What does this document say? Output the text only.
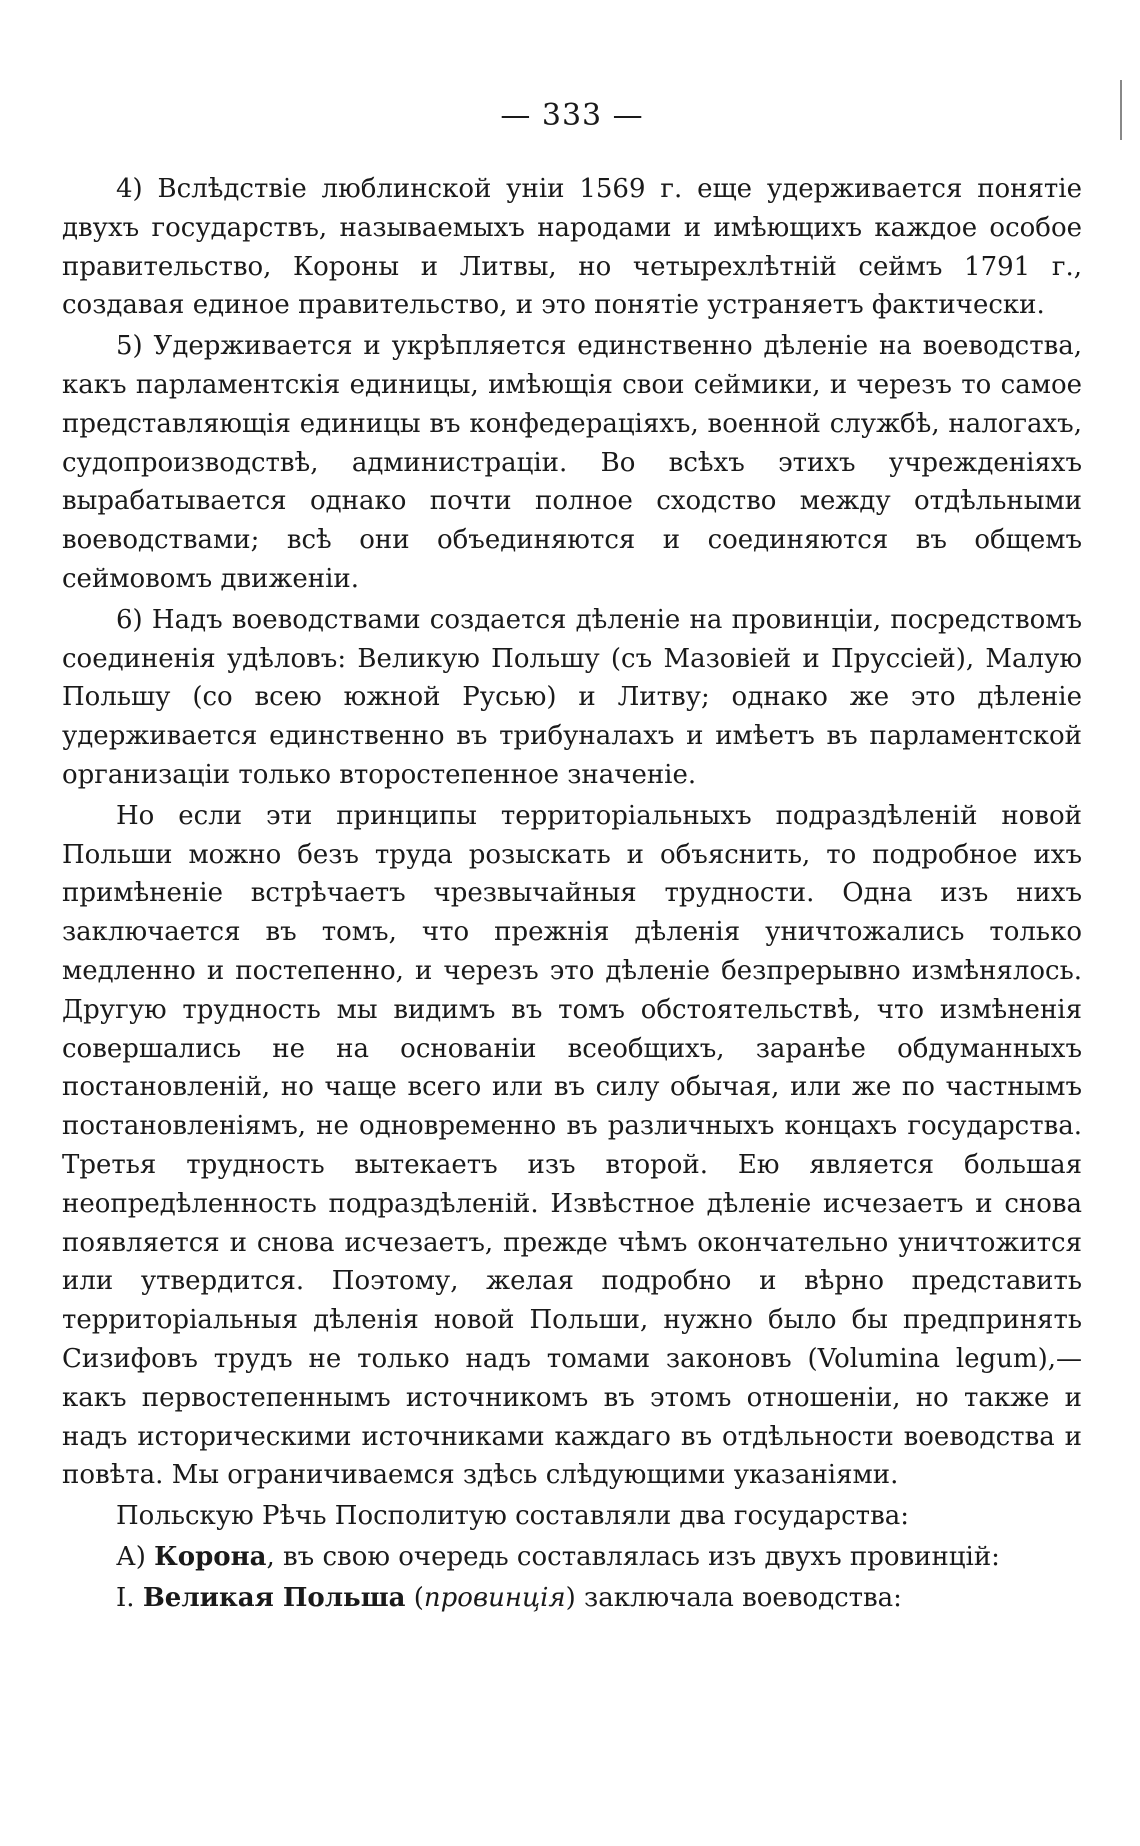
— 333 —

4) Вслѣдствіе люблинской уніи 1569 г. еще удерживается понятіе двухъ государствъ, называемыхъ народами и имѣющихъ каждое особое правительство, Короны и Литвы, но четырехлѣтній сеймъ 1791 г., создавая единое правительство, и это понятіе устраняетъ фактически.

5) Удерживается и укрѣпляется единственно дѣленіе на воеводства, какъ парламентскія единицы, имѣющія свои сеймики, и черезъ то самое представляющія единицы въ конфедераціяхъ, военной службѣ, налогахъ, судопроизводствѣ, администраціи. Во всѣхъ этихъ учрежденіяхъ вырабатывается однако почти полное сходство между отдѣльными воеводствами; всѣ они объединяются и соединяются въ общемъ сеймовомъ движеніи.

6) Надъ воеводствами создается дѣленіе на провинціи, посредствомъ соединенія удѣловъ: Великую Польшу (съ Мазовіей и Пруссіей), Малую Польшу (со всею южной Русью) и Литву; однако же это дѣленіе удерживается единственно въ трибуналахъ и имѣетъ въ парламентской организаціи только второстепенное значеніе.

Но если эти принципы территоріальныхъ подраздѣленій новой Польши можно безъ труда розыскать и объяснить, то подробное ихъ примѣненіе встрѣчаетъ чрезвычайныя трудности. Одна изъ нихъ заключается въ томъ, что прежнія дѣленія уничтожались только медленно и постепенно, и черезъ это дѣленіе безпрерывно измѣнялось. Другую трудность мы видимъ въ томъ обстоятельствѣ, что измѣненія совершались не на основаніи всеобщихъ, заранѣе обдуманныхъ постановленій, но чаще всего или въ силу обычая, или же по частнымъ постановленіямъ, не одновременно въ различныхъ концахъ государства. Третья трудность вытекаетъ изъ второй. Ею является большая неопредѣленность подраздѣленій. Извѣстное дѣленіе исчезаетъ и снова появляется и снова исчезаетъ, прежде чѣмъ окончательно уничтожится или утвердится. Поэтому, желая подробно и вѣрно представить территоріальныя дѣленія новой Польши, нужно было бы предпринять Сизифовъ трудъ не только надъ томами законовъ (Volumina legum),—какъ первостепеннымъ источникомъ въ этомъ отношеніи, но также и надъ историческими источниками каждаго въ отдѣльности воеводства и повѣта. Мы ограничиваемся здѣсь слѣдующими указаніями.

Польскую Рѣчь Посполитую составляли два государства:

А) Корона, въ свою очередь составлялась изъ двухъ провинцій:

I. Великая Польша (провинція) заключала воеводства:
